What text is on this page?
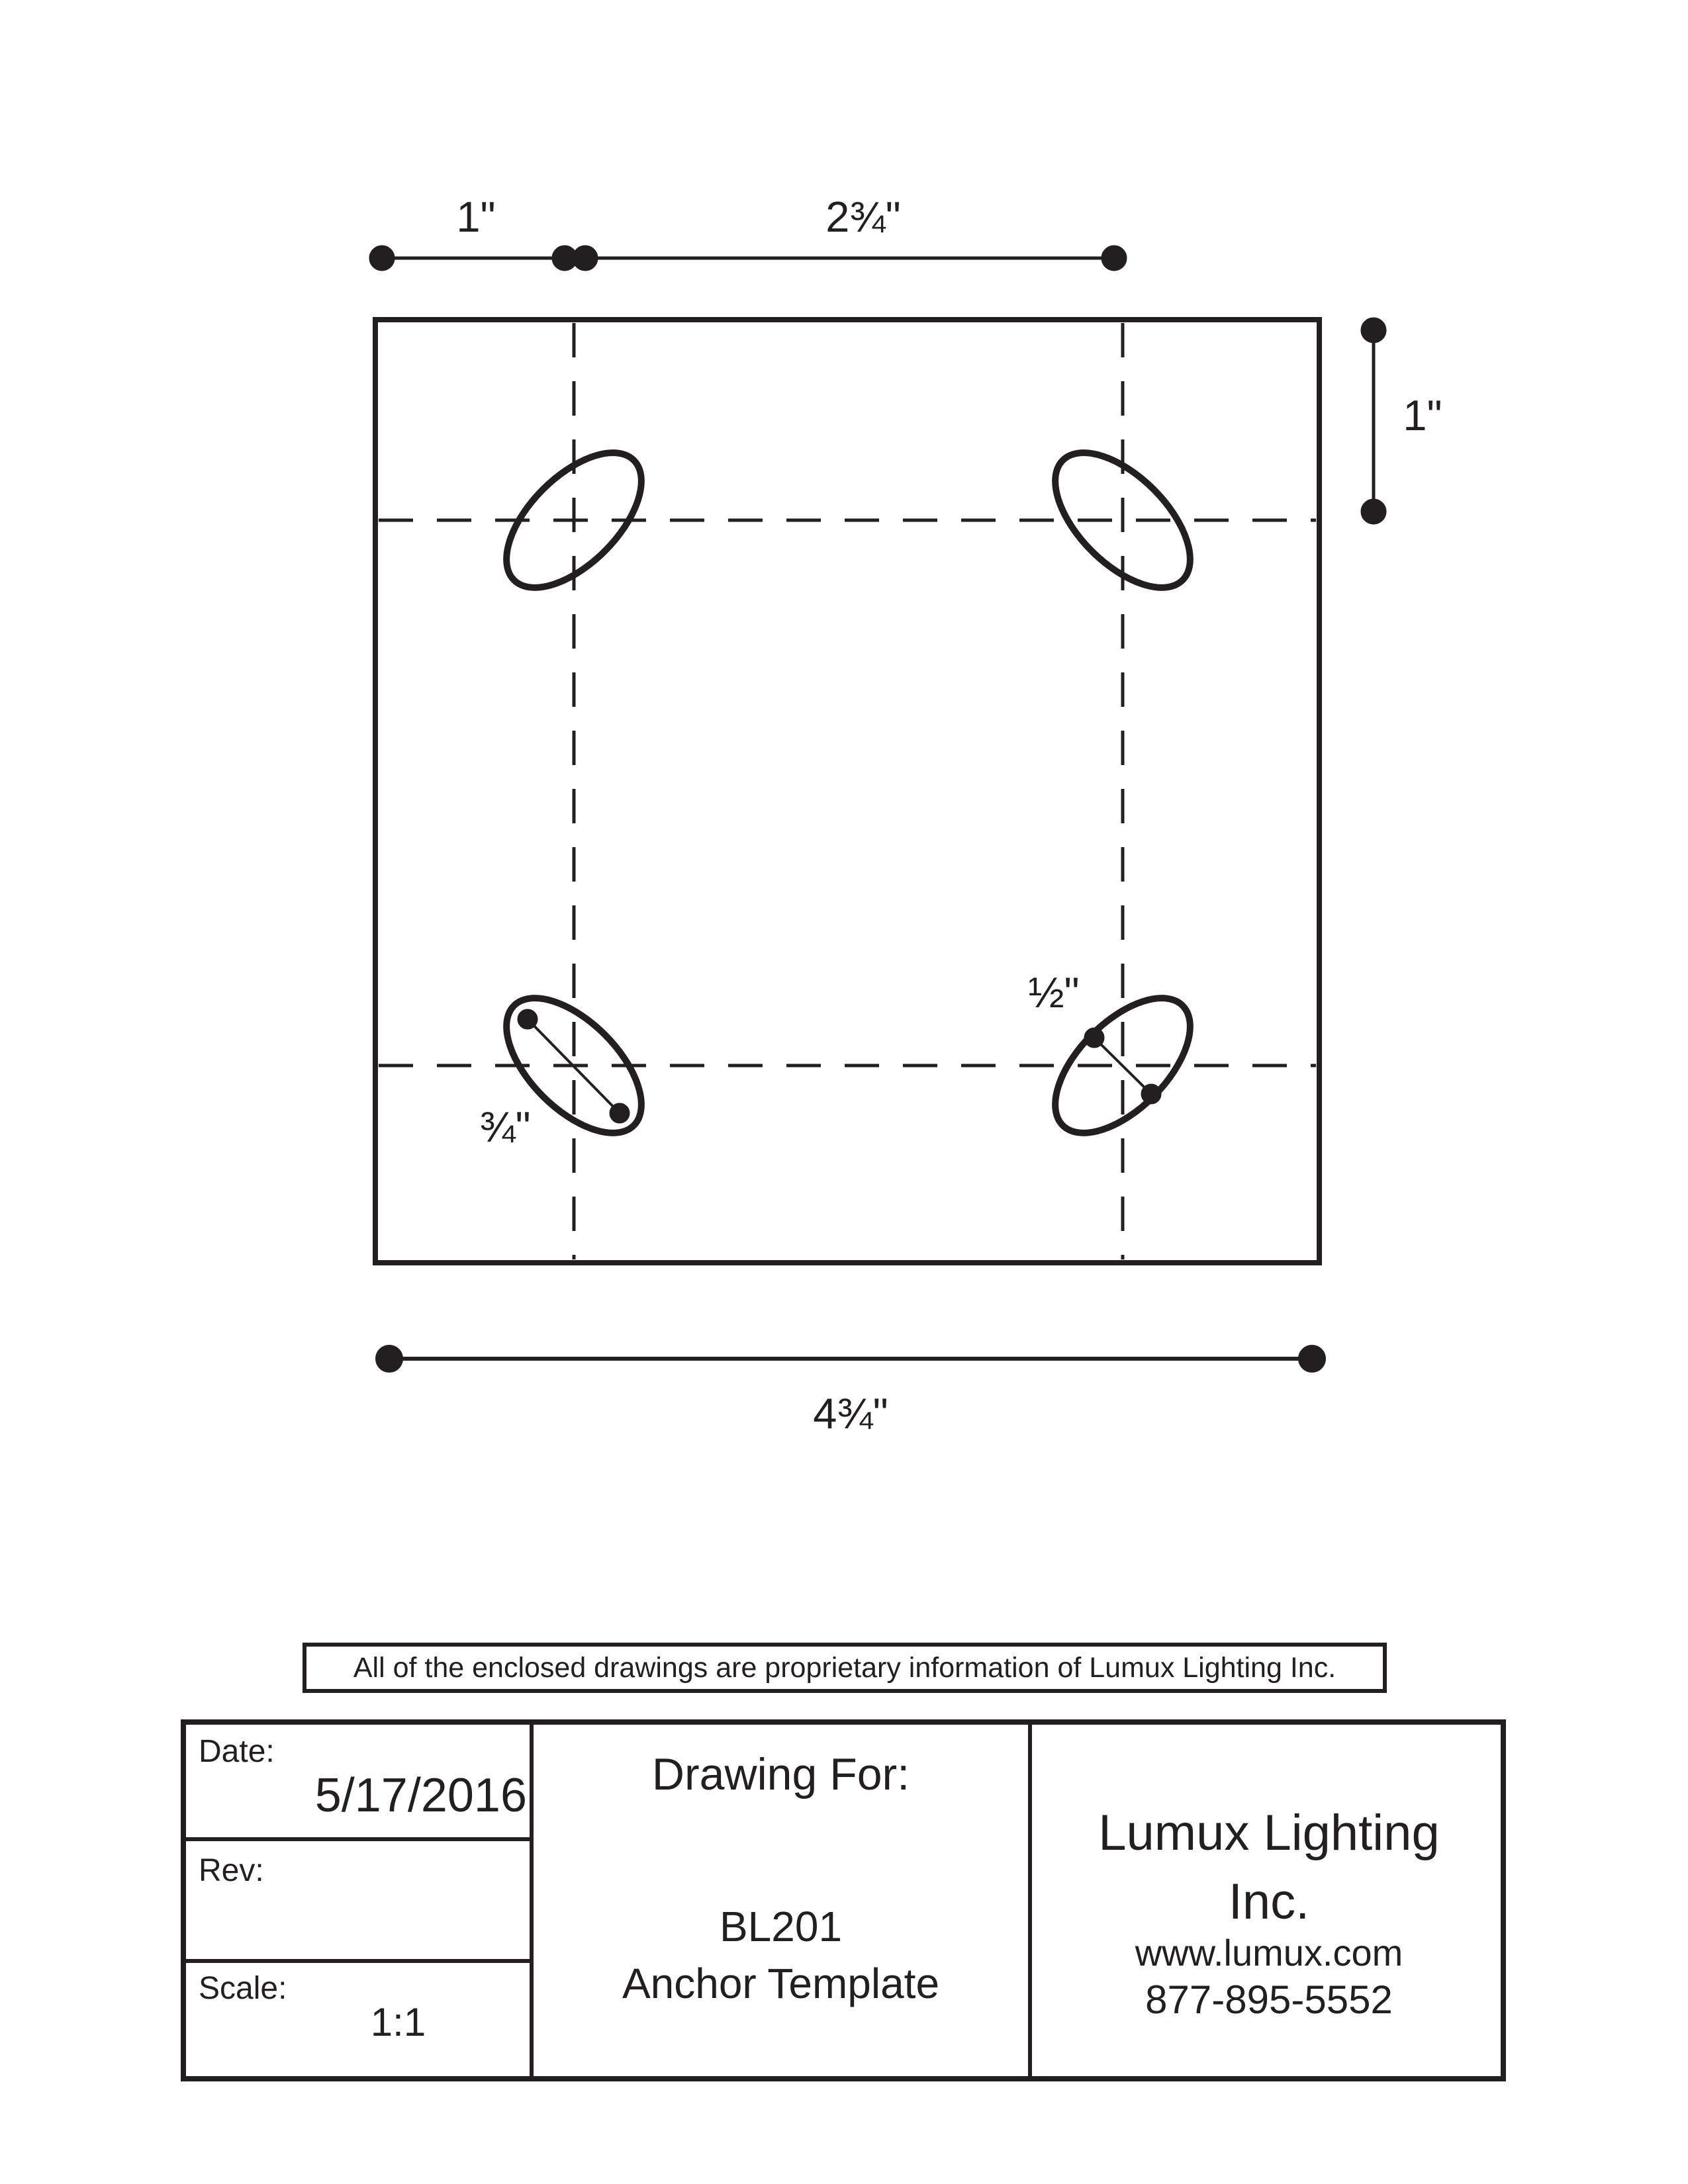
1"	2¾"
1"
4¾"
¾"
½"
All of the enclosed drawings are proprietary information of Lumux Lighting Inc.
Date:
5/17/2016
Rev:
Scale:
1:1
Drawing For:
BL201
Anchor Template
Lumux Lighting
Inc.
www.lumux.com
877-895-5552
